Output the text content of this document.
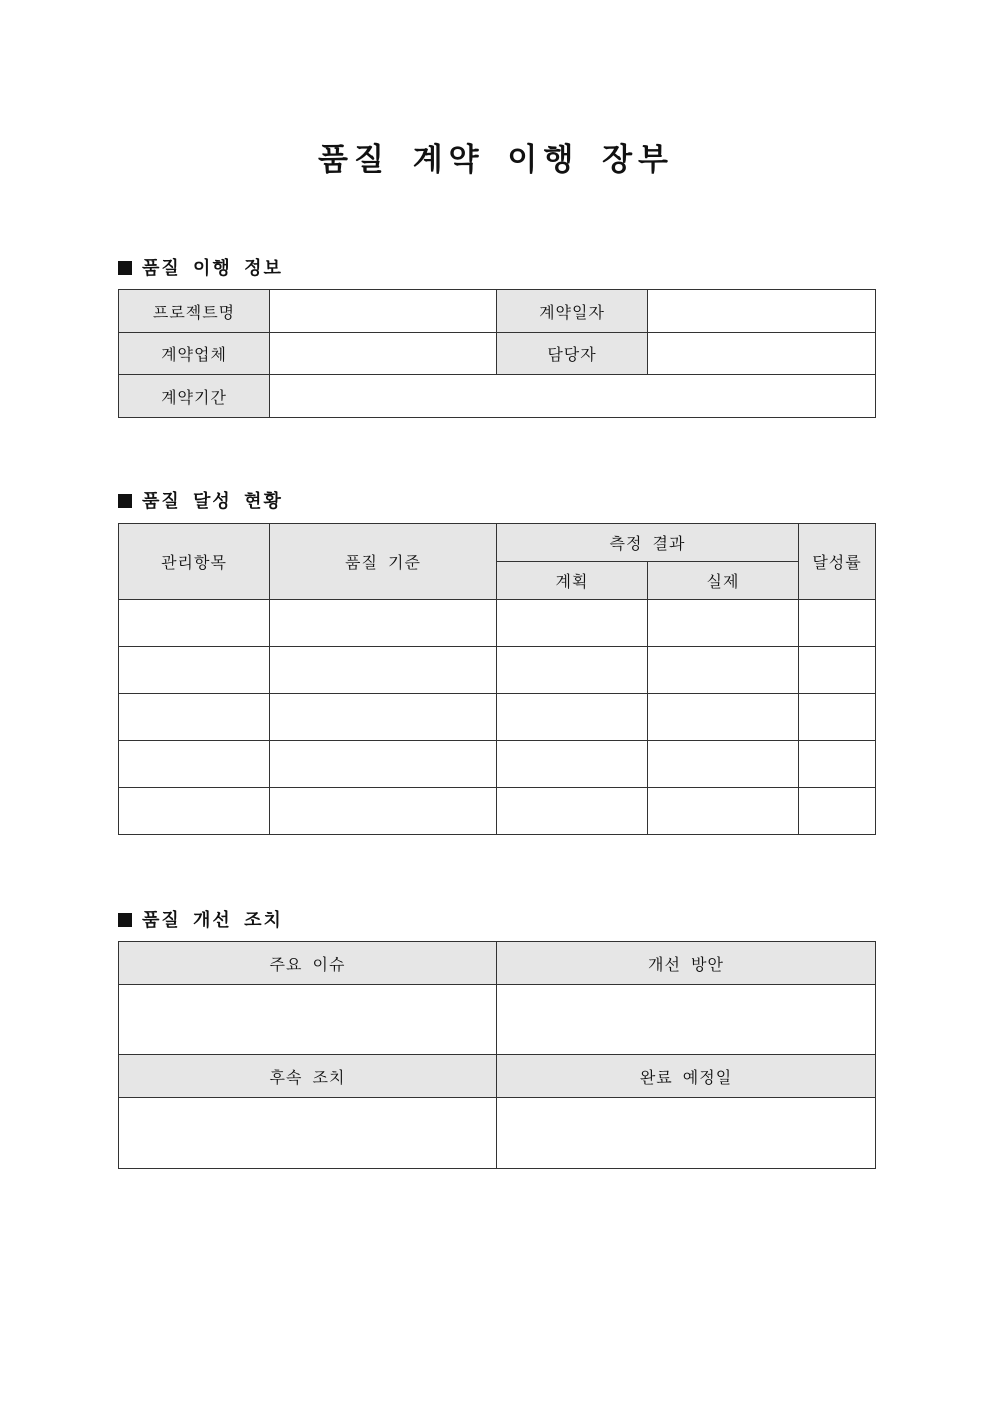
품질 계약 이행 장부
품질 이행 정보
프로젝트명		계약일자	
계약업체		담당자	
계약기간			
품질 달성 현황
관리항목	품질 기준	측정 결과		달성률
		계획	실제	

품질 개선 조치
주요 이슈	개선 방안

후속 조치	완료 예정일
